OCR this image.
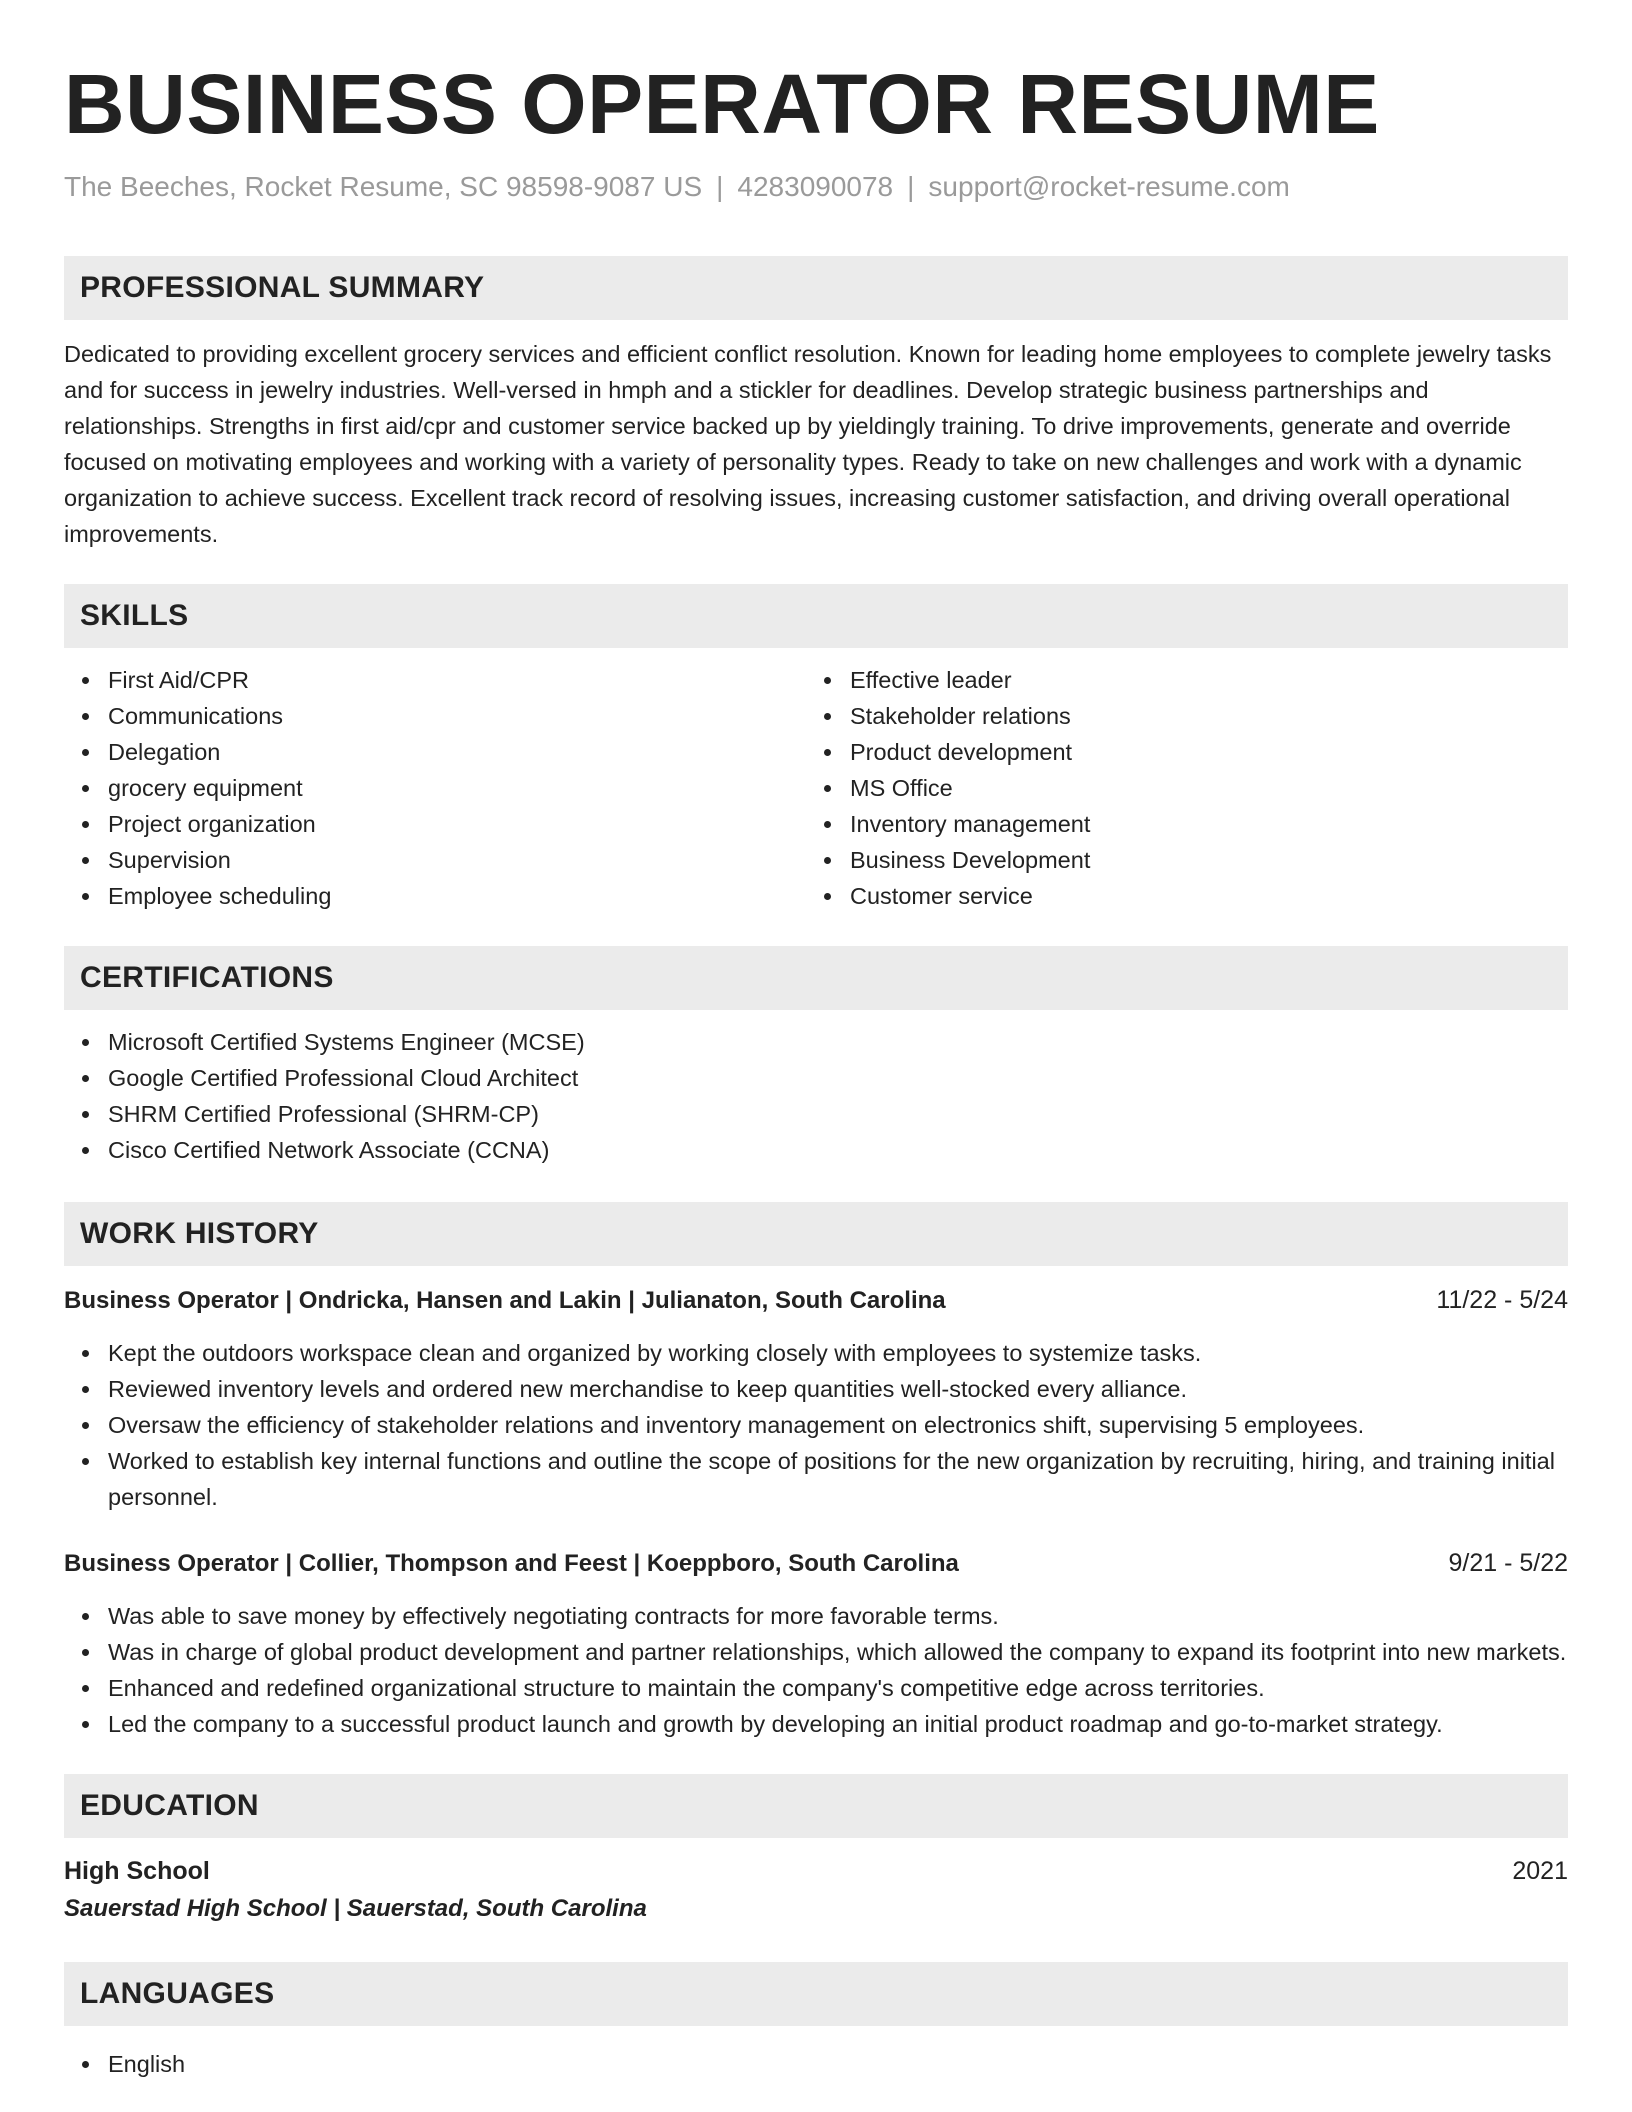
BUSINESS OPERATOR RESUME
The Beeches, Rocket Resume, SC 98598-9087 US | 4283090078 | support@rocket-resume.com
PROFESSIONAL SUMMARY

Dedicated to providing excellent grocery services and efficient conflict resolution. Known for leading home employees to complete jewelry tasks and for success in jewelry industries. Well-versed in hmph and a stickler for deadlines. Develop strategic business partnerships and relationships. Strengths in first aid/cpr and customer service backed up by yieldingly training. To drive improvements, generate and override focused on motivating employees and working with a variety of personality types. Ready to take on new challenges and work with a dynamic organization to achieve success. Excellent track record of resolving issues, increasing customer satisfaction, and driving overall operational improvements.

SKILLS
First Aid/CPR
Communications
Delegation
grocery equipment
Project organization
Supervision
Employee scheduling
Effective leader
Stakeholder relations
Product development
MS Office
Inventory management
Business Development
Customer service
CERTIFICATIONS
Microsoft Certified Systems Engineer (MCSE)
Google Certified Professional Cloud Architect
SHRM Certified Professional (SHRM-CP)
Cisco Certified Network Associate (CCNA)
WORK HISTORY
Business Operator | Ondricka, Hansen and Lakin | Julianaton, South Carolina	11/22 - 5/24
Kept the outdoors workspace clean and organized by working closely with employees to systemize tasks.
Reviewed inventory levels and ordered new merchandise to keep quantities well-stocked every alliance.
Oversaw the efficiency of stakeholder relations and inventory management on electronics shift, supervising 5 employees.
Worked to establish key internal functions and outline the scope of positions for the new organization by recruiting, hiring, and training initial personnel.
Business Operator | Collier, Thompson and Feest | Koeppboro, South Carolina	9/21 - 5/22
Was able to save money by effectively negotiating contracts for more favorable terms.
Was in charge of global product development and partner relationships, which allowed the company to expand its footprint into new markets.
Enhanced and redefined organizational structure to maintain the company's competitive edge across territories.
Led the company to a successful product launch and growth by developing an initial product roadmap and go-to-market strategy.
EDUCATION
High School	2021
Sauerstad High School | Sauerstad, South Carolina
LANGUAGES
English
